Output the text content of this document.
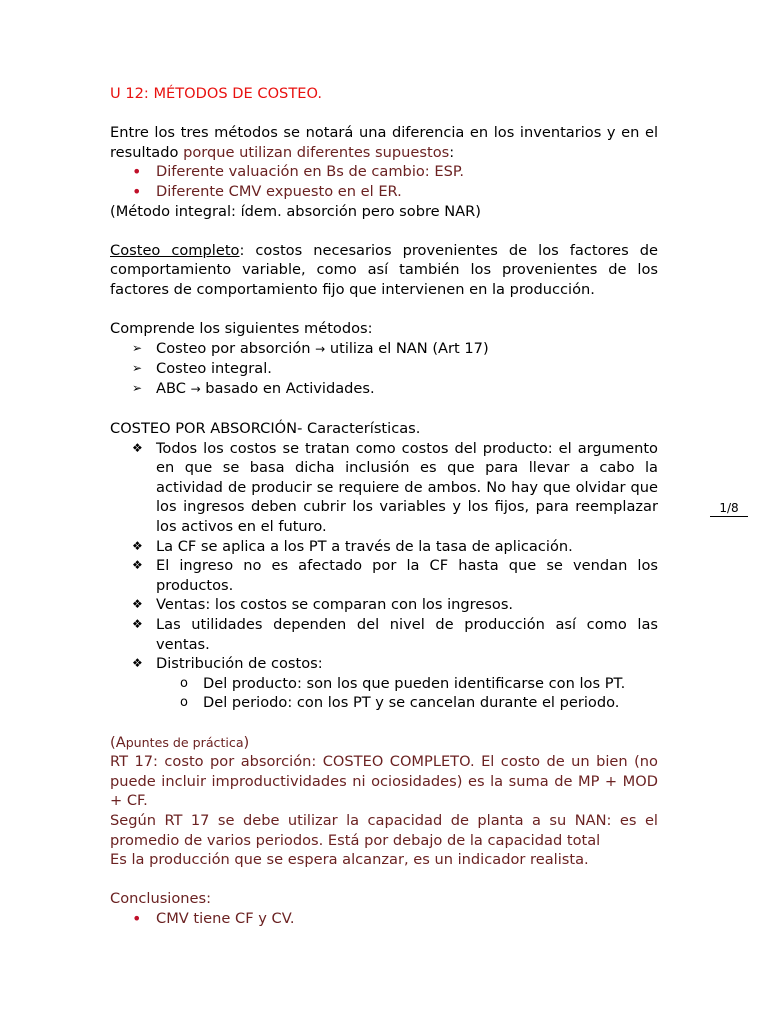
U 12: MÉTODOS DE COSTEO.

Entre los tres métodos se notará una diferencia en los inventarios y en el resultado porque utilizan diferentes supuestos:

• Diferente valuación en Bs de cambio: ESP.
• Diferente CMV expuesto en el ER.

(Método integral: ídem. absorción pero sobre NAR)

Costeo completo: costos necesarios provenientes de los factores de comportamiento variable, como así también los provenientes de los factores de comportamiento fijo que intervienen en la producción.

Comprende los siguientes métodos:

➢ Costeo por absorción → utiliza el NAN (Art 17)
➢ Costeo integral.
➢ ABC → basado en Actividades.

COSTEO POR ABSORCIÓN- Características.

❖ Todos los costos se tratan como costos del producto: el argumento en que se basa dicha inclusión es que para llevar a cabo la actividad de producir se requiere de ambos. No hay que olvidar que los ingresos deben cubrir los variables y los fijos, para reemplazar los activos en el futuro.
❖ La CF se aplica a los PT a través de la tasa de aplicación.
❖ El ingreso no es afectado por la CF hasta que se vendan los productos.
❖ Ventas: los costos se comparan con los ingresos.
❖ Las utilidades dependen del nivel de producción así como las ventas.
❖ Distribución de costos:
o Del producto: son los que pueden identificarse con los PT.
o Del periodo: con los PT y se cancelan durante el periodo.

(Apuntes de práctica)

RT 17: costo por absorción: COSTEO COMPLETO. El costo de un bien (no puede incluir improductividades ni ociosidades) es la suma de MP + MOD + CF.

Según RT 17 se debe utilizar la capacidad de planta a su NAN: es el promedio de varios periodos. Está por debajo de la capacidad total

Es la producción que se espera alcanzar, es un indicador realista.

Conclusiones:

• CMV tiene CF y CV.
1/8
